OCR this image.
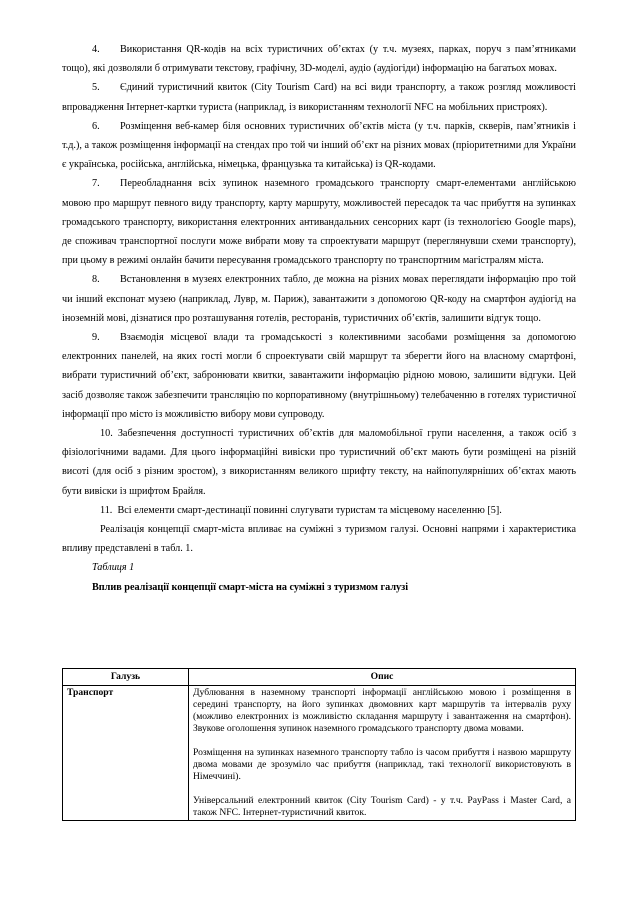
4.  Використання QR-кодів на всіх туристичних об’єктах (у т.ч. музеях, парках, поруч з пам’ятниками тощо), які дозволяли б отримувати текстову, графічну, 3D-моделі, аудіо (аудіогіди) інформацію на багатьох мовах.

5.  Єдиний туристичний квиток (City Tourism Card) на всі види транспорту, а також розгляд можливості впровадження Інтернет-картки туриста (наприклад, із використанням технології NFC на мобільних пристроях).

6.  Розміщення веб-камер біля основних туристичних об’єктів міста (у т.ч. парків, скверів, пам’ятників і т.д.), а також розміщення інформації на стендах про той чи інший об’єкт на різних мовах (пріоритетними для України є українська, російська, англійська, німецька, французька та китайська) із QR-кодами.

7.  Переобладнання всіх зупинок наземного громадського транспорту смарт-елементами англійською мовою про маршрут певного виду транспорту, карту маршруту, можливостей пересадок та час прибуття на зупинках громадського транспорту, використання електронних антивандальних сенсорних карт (із технологією Google maps), де споживач транспортної послуги може вибрати мову та спроектувати маршрут (переглянувши схеми транспорту), при цьому в режимі онлайн бачити пересування громадського транспорту по транспортним магістралям міста.

8.  Встановлення в музеях електронних табло, де можна на різних мовах переглядати інформацію про той чи інший експонат музею (наприклад, Лувр, м. Париж), завантажити з допомогою QR-коду на смартфон аудіогід на іноземній мові, дізнатися про розташування готелів, ресторанів, туристичних об’єктів, залишити відгук тощо.

9.  Взаємодія місцевої влади та громадськості з колективними засобами розміщення за допомогою електронних панелей, на яких гості могли б спроектувати свій маршрут та зберегти його на власному смартфоні, вибрати туристичний об’єкт, забронювати квитки, завантажити інформацію рідною мовою, залишити відгуки. Цей засіб дозволяє також забезпечити трансляцію по корпоративному (внутрішньому) телебаченню в готелях туристичної інформації про місто із можливістю вибору мови супроводу.

10. Забезпечення доступності туристичних об’єктів для маломобільної групи населення, а також осіб з фізіологічними вадами. Для цього інформаційні вивіски про туристичний об’єкт мають бути розміщені на різній висоті (для осіб з різним зростом), з використанням великого шрифту тексту, на найпопулярніших об’єктах мають бути вивіски із шрифтом Брайля.

11. Всі елементи смарт-дестинації повинні слугувати туристам та місцевому населенню [5].

Реалізація концепції смарт-міста впливає на суміжні з туризмом галузі. Основні напрями і характеристика впливу представлені в табл. 1.

Таблиця 1

Вплив реалізації концепції смарт-міста на суміжні з туризмом галузі

Галузь	Опис
Транспорт	Дублювання в наземному транспорті інформації англійською мовою і розміщення в середині транспорту, на його зупинках двомовних карт маршрутів та інтервалів руху (можливо електронних із можливістю складання маршруту і завантаження на смартфон). Звукове оголошення зупинок наземного громадського транспорту двома мовами.

Розміщення на зупинках наземного транспорту табло із часом прибуття і назвою маршруту двома мовами де зрозуміло час прибуття (наприклад, такі технології використовують в Німеччині).

Універсальний електронний квиток (City Tourism Card) - у т.ч. PayPass і Master Card, а також NFC. Інтернет-туристичний квиток.
